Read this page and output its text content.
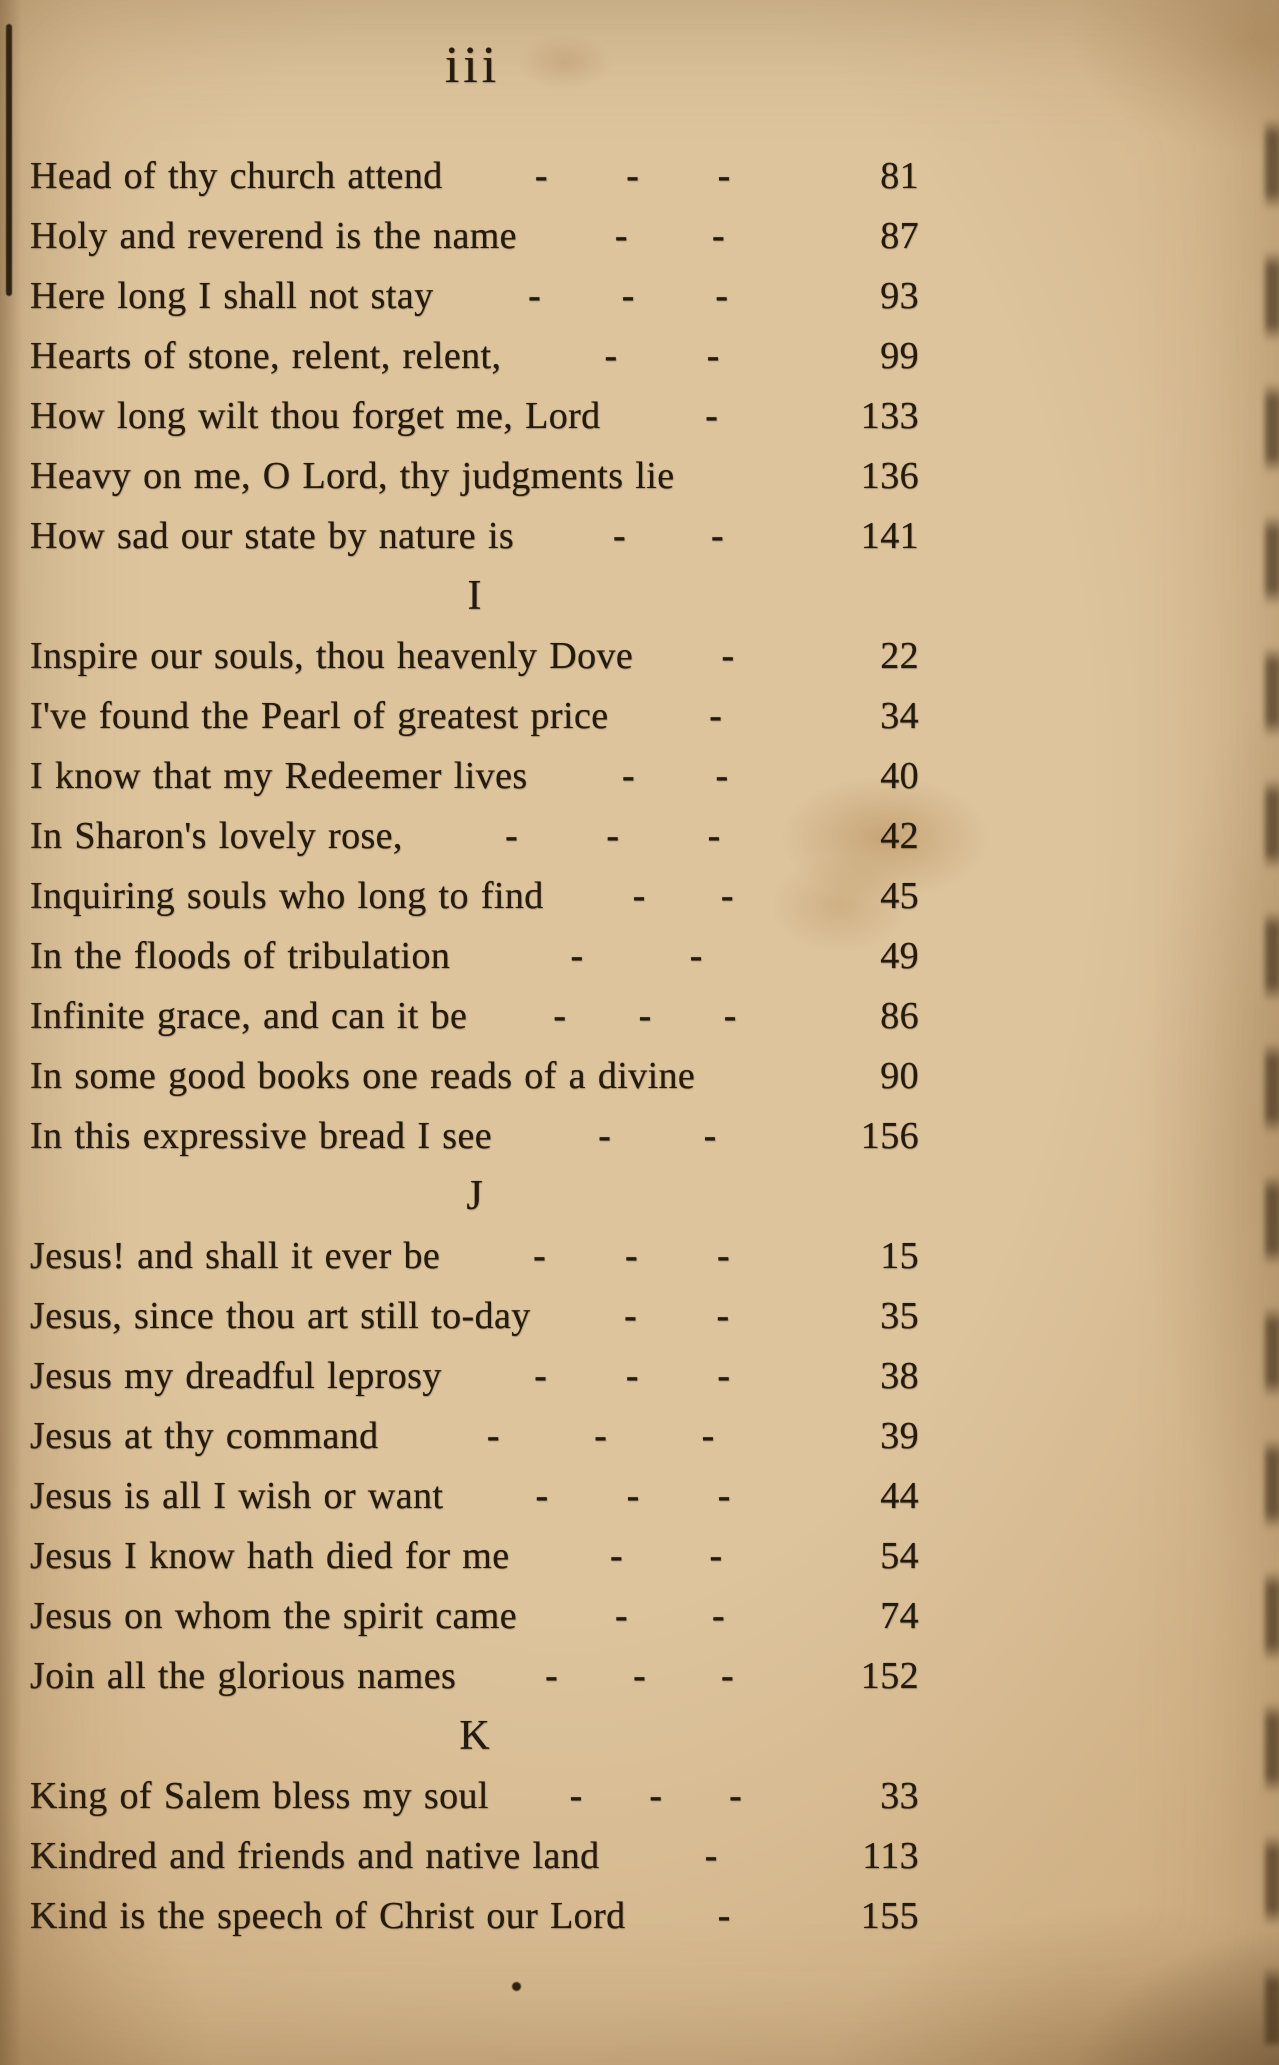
iii
Head of thy church attend - - -	81
Holy and reverend is the name	- -	87
Here long I shall not stay - - -	93
Hearts of stone, relent, relent,	- -	99
How long wilt thou forget me, Lord	-	133
Heavy on me, O Lord, thy judgments lie	136
How sad our state by nature is	- -	141
I
Inspire our souls, thou heavenly Dove -	22
I've found the Pearl of greatest price	-	34
I know that my Redeemer lives - -	40
In Sharon's lovely rose,	- - -	42
Inquiring souls who long to find - -	45
In the floods of tribulation	-	-	49
Infinite grace, and can it be - - -	86
In some good books one reads of a divine	90
In this expressive bread I see	- -	156
J
Jesus! and shall it ever be - - -	15
Jesus, since thou art still to-day - -	35
Jesus my dreadful leprosy - - -	38
Jesus at thy command	- - -	39
Jesus is all I wish or want - - -	44
Jesus I know hath died for me	- -	54
Jesus on whom the spirit came	- -	74
Join all the glorious names - - -	152
K
King of Salem bless my soul - - -	33
Kindred and friends and native land	-	113
Kind is the speech of Christ our Lord -	155
